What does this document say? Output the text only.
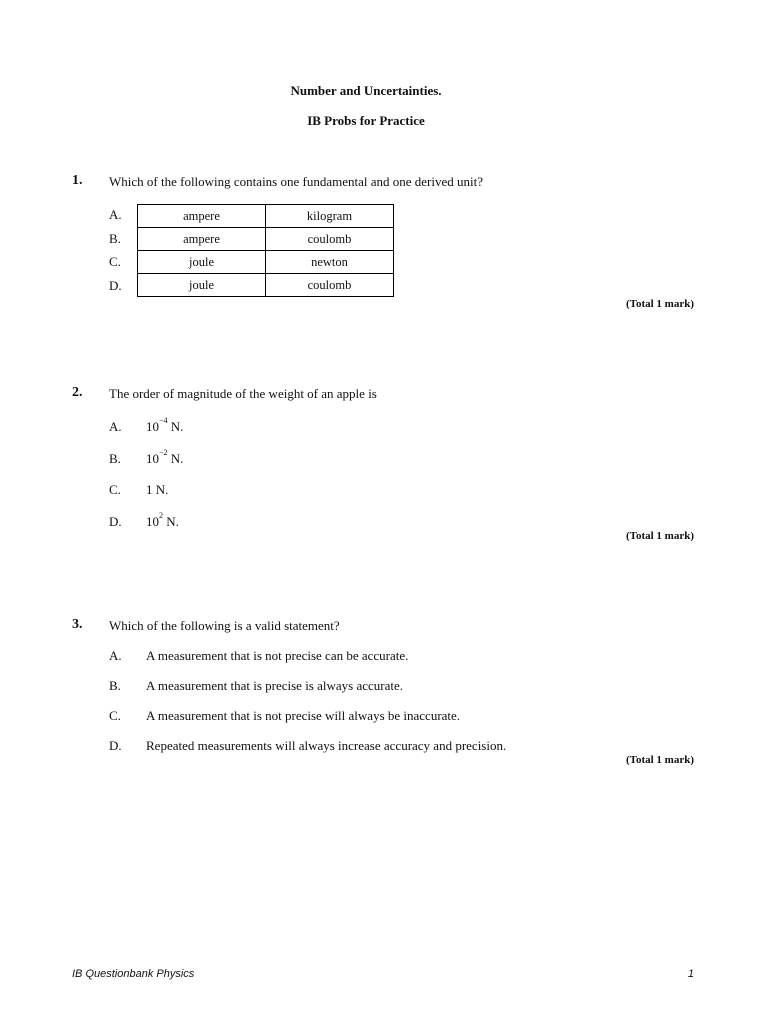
Number and Uncertainties.
IB Probs for Practice
1. Which of the following contains one fundamental and one derived unit?
A.
B.
C.
D.
ampere	kilogram
ampere	coulomb
joule	newton
joule	coulomb
(Total 1 mark)
2. The order of magnitude of the weight of an apple is
A. $10^{-4}$ N.
B. $10^{-2}$ N.
C. 1 N.
D. $10^2$ N.
(Total 1 mark)
3. Which of the following is a valid statement?
A. A measurement that is not precise can be accurate.
B. A measurement that is precise is always accurate.
C. A measurement that is not precise will always be inaccurate.
D. Repeated measurements will always increase accuracy and precision.
(Total 1 mark)
IB Questionbank Physics	1
